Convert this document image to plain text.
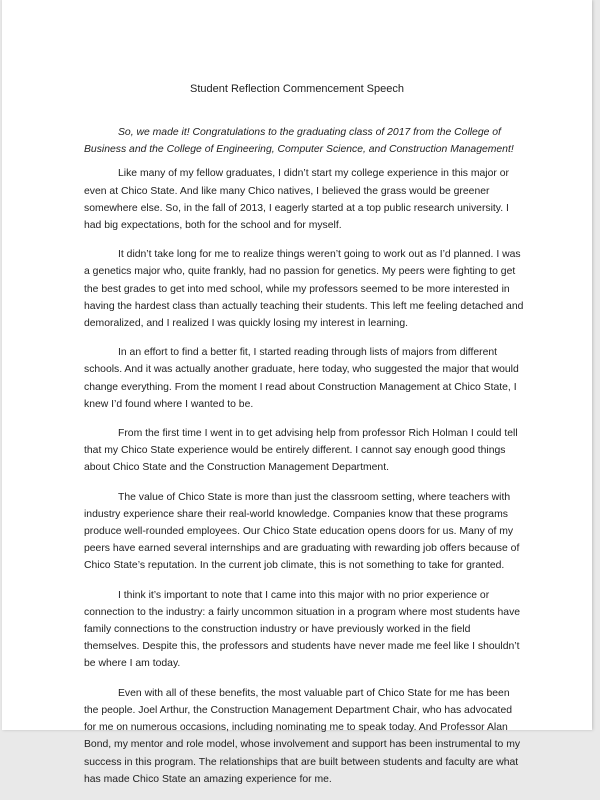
Student Reflection Commencement Speech

So, we made it! Congratulations to the graduating class of 2017 from the College of Business and the College of Engineering, Computer Science, and Construction Management!

Like many of my fellow graduates, I didn’t start my college experience in this major or even at Chico State. And like many Chico natives, I believed the grass would be greener somewhere else. So, in the fall of 2013, I eagerly started at a top public research university. I had big expectations, both for the school and for myself.

It didn’t take long for me to realize things weren’t going to work out as I’d planned. I was a genetics major who, quite frankly, had no passion for genetics. My peers were fighting to get the best grades to get into med school, while my professors seemed to be more interested in having the hardest class than actually teaching their students. This left me feeling detached and demoralized, and I realized I was quickly losing my interest in learning.

In an effort to find a better fit, I started reading through lists of majors from different schools. And it was actually another graduate, here today, who suggested the major that would change everything. From the moment I read about Construction Management at Chico State, I knew I’d found where I wanted to be.

From the first time I went in to get advising help from professor Rich Holman I could tell that my Chico State experience would be entirely different. I cannot say enough good things about Chico State and the Construction Management Department.

The value of Chico State is more than just the classroom setting, where teachers with industry experience share their real-world knowledge. Companies know that these programs produce well-rounded employees. Our Chico State education opens doors for us. Many of my peers have earned several internships and are graduating with rewarding job offers because of Chico State’s reputation. In the current job climate, this is not something to take for granted.

I think it’s important to note that I came into this major with no prior experience or connection to the industry: a fairly uncommon situation in a program where most students have family connections to the construction industry or have previously worked in the field themselves. Despite this, the professors and students have never made me feel like I shouldn’t be where I am today.

Even with all of these benefits, the most valuable part of Chico State for me has been the people. Joel Arthur, the Construction Management Department Chair, who has advocated for me on numerous occasions, including nominating me to speak today. And Professor Alan Bond, my mentor and role model, whose involvement and support has been instrumental to my success in this program. The relationships that are built between students and faculty are what has made Chico State an amazing experience for me.
